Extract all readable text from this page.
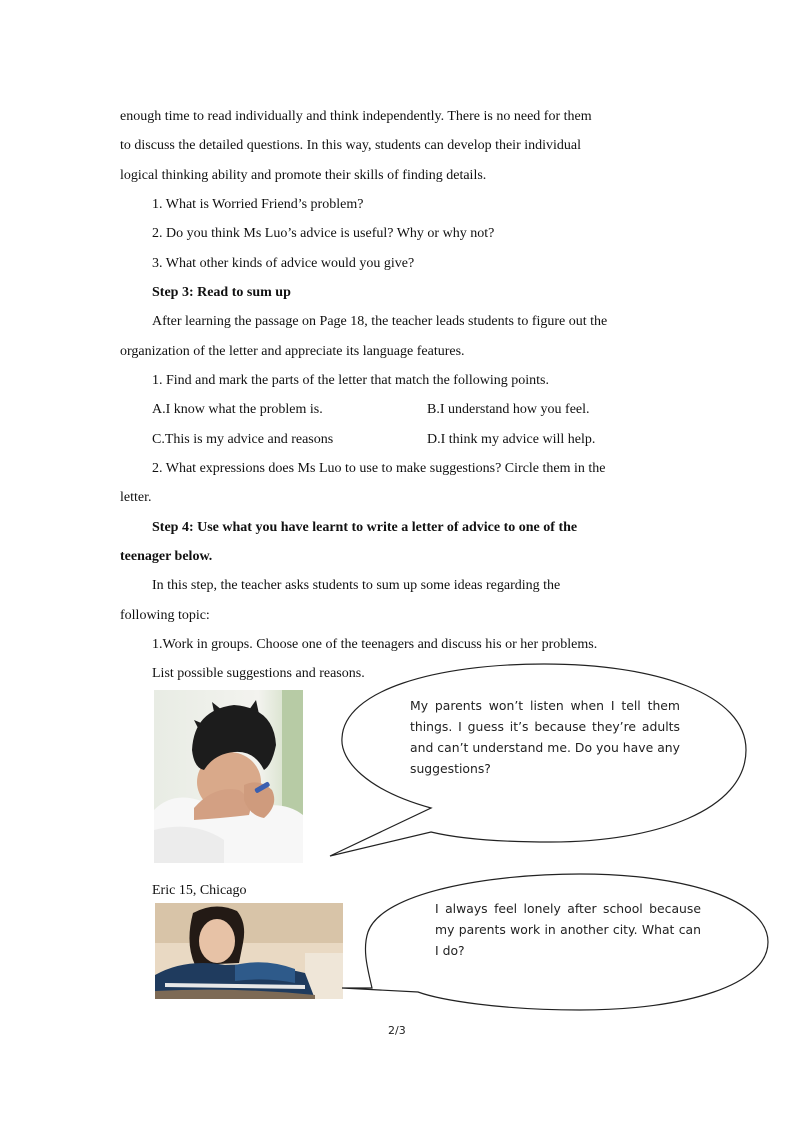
enough time to read individually and think independently. There is no need for them
to discuss the detailed questions. In this way, students can develop their individual
logical thinking ability and promote their skills of finding details.
1. What is Worried Friend’s problem?
2. Do you think Ms Luo’s advice is useful? Why or why not?
3. What other kinds of advice would you give?
Step 3: Read to sum up
After learning the passage on Page 18, the teacher leads students to figure out the
organization of the letter and appreciate its language features.
1. Find and mark the parts of the letter that match the following points.
A.I know what the problem is.	B.I understand how you feel.
C.This is my advice and reasons	D.I think my advice will help.
2. What expressions does Ms Luo to use to make suggestions? Circle them in the
letter.
Step 4: Use what you have learnt to write a letter of advice to one of the
teenager below.
In this step, the teacher asks students to sum up some ideas regarding the
following topic:
1.Work in groups. Choose one of the teenagers and discuss his or her problems.
List possible suggestions and reasons.
My parents won’t listen when I tell them things. I guess it’s because they’re adults and can’t understand me. Do you have any suggestions?
Eric 15, Chicago
I always feel lonely after school because my parents work in another city. What can I do?
2/3
